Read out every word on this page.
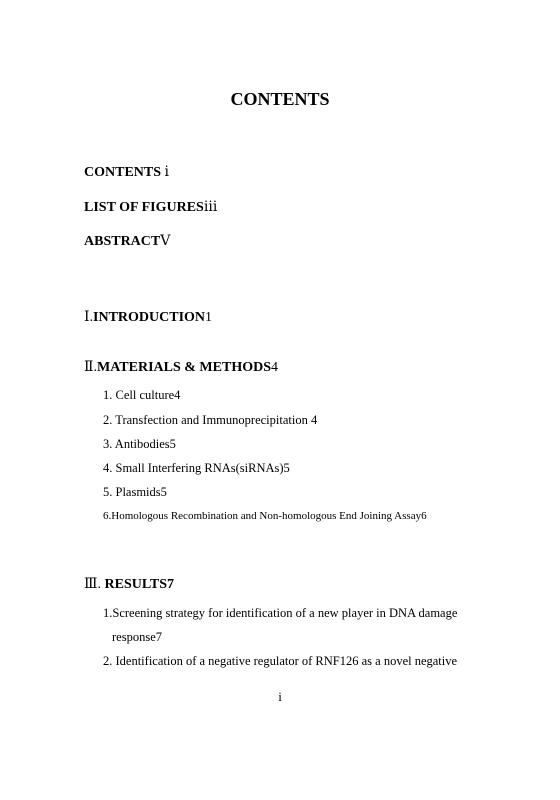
CONTENTS
CONTENTS ⅰ
LIST OF FIGURESⅲ
ABSTRACTⅤ
Ⅰ.INTRODUCTION1
Ⅱ.MATERIALS & METHODS4
1. Cell culture4
2. Transfection and Immunoprecipitation 4
3. Antibodies5
4. Small Interfering RNAs(siRNAs)5
5. Plasmids5
6.Homologous Recombination and Non-homologous End Joining Assay6
Ⅲ. RESULTS7
1.Screening strategy for identification of a new player in DNA damage
response7
2. Identification of a negative regulator of RNF126 as a novel negative
i
